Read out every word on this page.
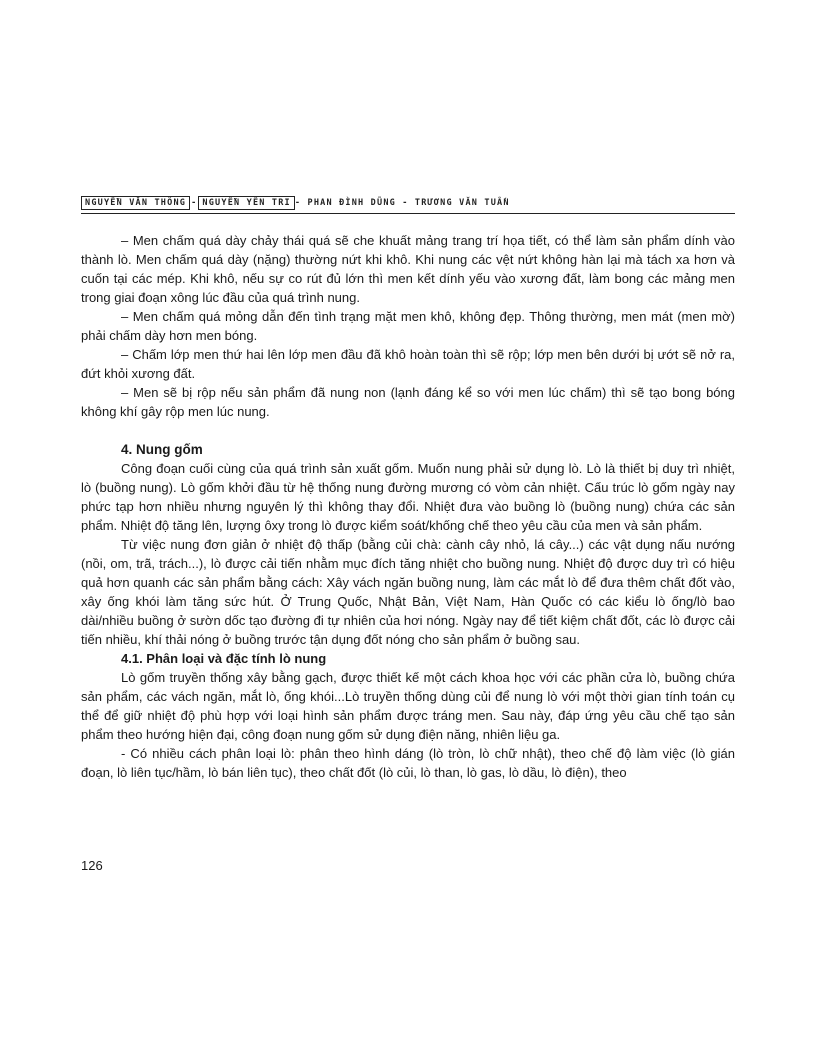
NGUYỄN VĂN THÔNG - NGUYỄN YÊN TRI - PHAN ĐÌNH DŨNG - TRƯƠNG VĂN TUẤN

– Men chấm quá dày chảy thái quá sẽ che khuất mảng trang trí họa tiết, có thể làm sản phẩm dính vào thành lò. Men chấm quá dày (nặng) thường nứt khi khô. Khi nung các vệt nứt không hàn lại mà tách xa hơn và cuốn tại các mép. Khi khô, nếu sự co rút đủ lớn thì men kết dính yếu vào xương đất, làm bong các mảng men trong giai đoạn xông lúc đầu của quá trình nung.

– Men chấm quá mỏng dẫn đến tình trạng mặt men khô, không đẹp. Thông thường, men mát (men mờ) phải chấm dày hơn men bóng.

– Chấm lớp men thứ hai lên lớp men đầu đã khô hoàn toàn thì sẽ rộp; lớp men bên dưới bị ướt sẽ nở ra, đứt khỏi xương đất.

– Men sẽ bị rộp nếu sản phẩm đã nung non (lạnh đáng kể so với men lúc chấm) thì sẽ tạo bong bóng không khí gây rộp men lúc nung.

4. Nung gốm

Công đoạn cuối cùng của quá trình sản xuất gốm. Muốn nung phải sử dụng lò. Lò là thiết bị duy trì nhiệt, lò (buồng nung). Lò gốm khởi đầu từ hệ thống nung đường mương có vòm cản nhiệt. Cấu trúc lò gốm ngày nay phức tạp hơn nhiều nhưng nguyên lý thì không thay đổi. Nhiệt đưa vào buồng lò (buồng nung) chứa các sản phẩm. Nhiệt độ tăng lên, lượng ôxy trong lò được kiểm soát/khống chế theo yêu cầu của men và sản phẩm.

Từ việc nung đơn giản ở nhiệt độ thấp (bằng củi chà: cành cây nhỏ, lá cây...) các vật dụng nấu nướng (nồi, om, trã, trách...), lò được cải tiến nhằm mục đích tăng nhiệt cho buồng nung. Nhiệt độ được duy trì có hiệu quả hơn quanh các sản phẩm bằng cách: Xây vách ngăn buồng nung, làm các mắt lò để đưa thêm chất đốt vào, xây ống khói làm tăng sức hút. Ở Trung Quốc, Nhật Bản, Việt Nam, Hàn Quốc có các kiểu lò ống/lò bao dài/nhiều buồng ở sườn dốc tạo đường đi tự nhiên của hơi nóng. Ngày nay để tiết kiệm chất đốt, các lò được cải tiến nhiều, khí thải nóng ở buồng trước tận dụng đốt nóng cho sản phẩm ở buồng sau.

4.1. Phân loại và đặc tính lò nung

Lò gốm truyền thống xây bằng gạch, được thiết kế một cách khoa học với các phần cửa lò, buồng chứa sản phẩm, các vách ngăn, mắt lò, ống khói...Lò truyền thống dùng củi để nung lò với một thời gian tính toán cụ thể để giữ nhiệt độ phù hợp với loại hình sản phẩm được tráng men. Sau này, đáp ứng yêu cầu chế tạo sản phẩm theo hướng hiện đại, công đoạn nung gốm sử dụng điện năng, nhiên liệu ga.

- Có nhiều cách phân loại lò: phân theo hình dáng (lò tròn, lò chữ nhật), theo chế độ làm việc (lò gián đoạn, lò liên tục/hầm, lò bán liên tục), theo chất đốt (lò củi, lò than, lò gas, lò dầu, lò điện), theo

126
